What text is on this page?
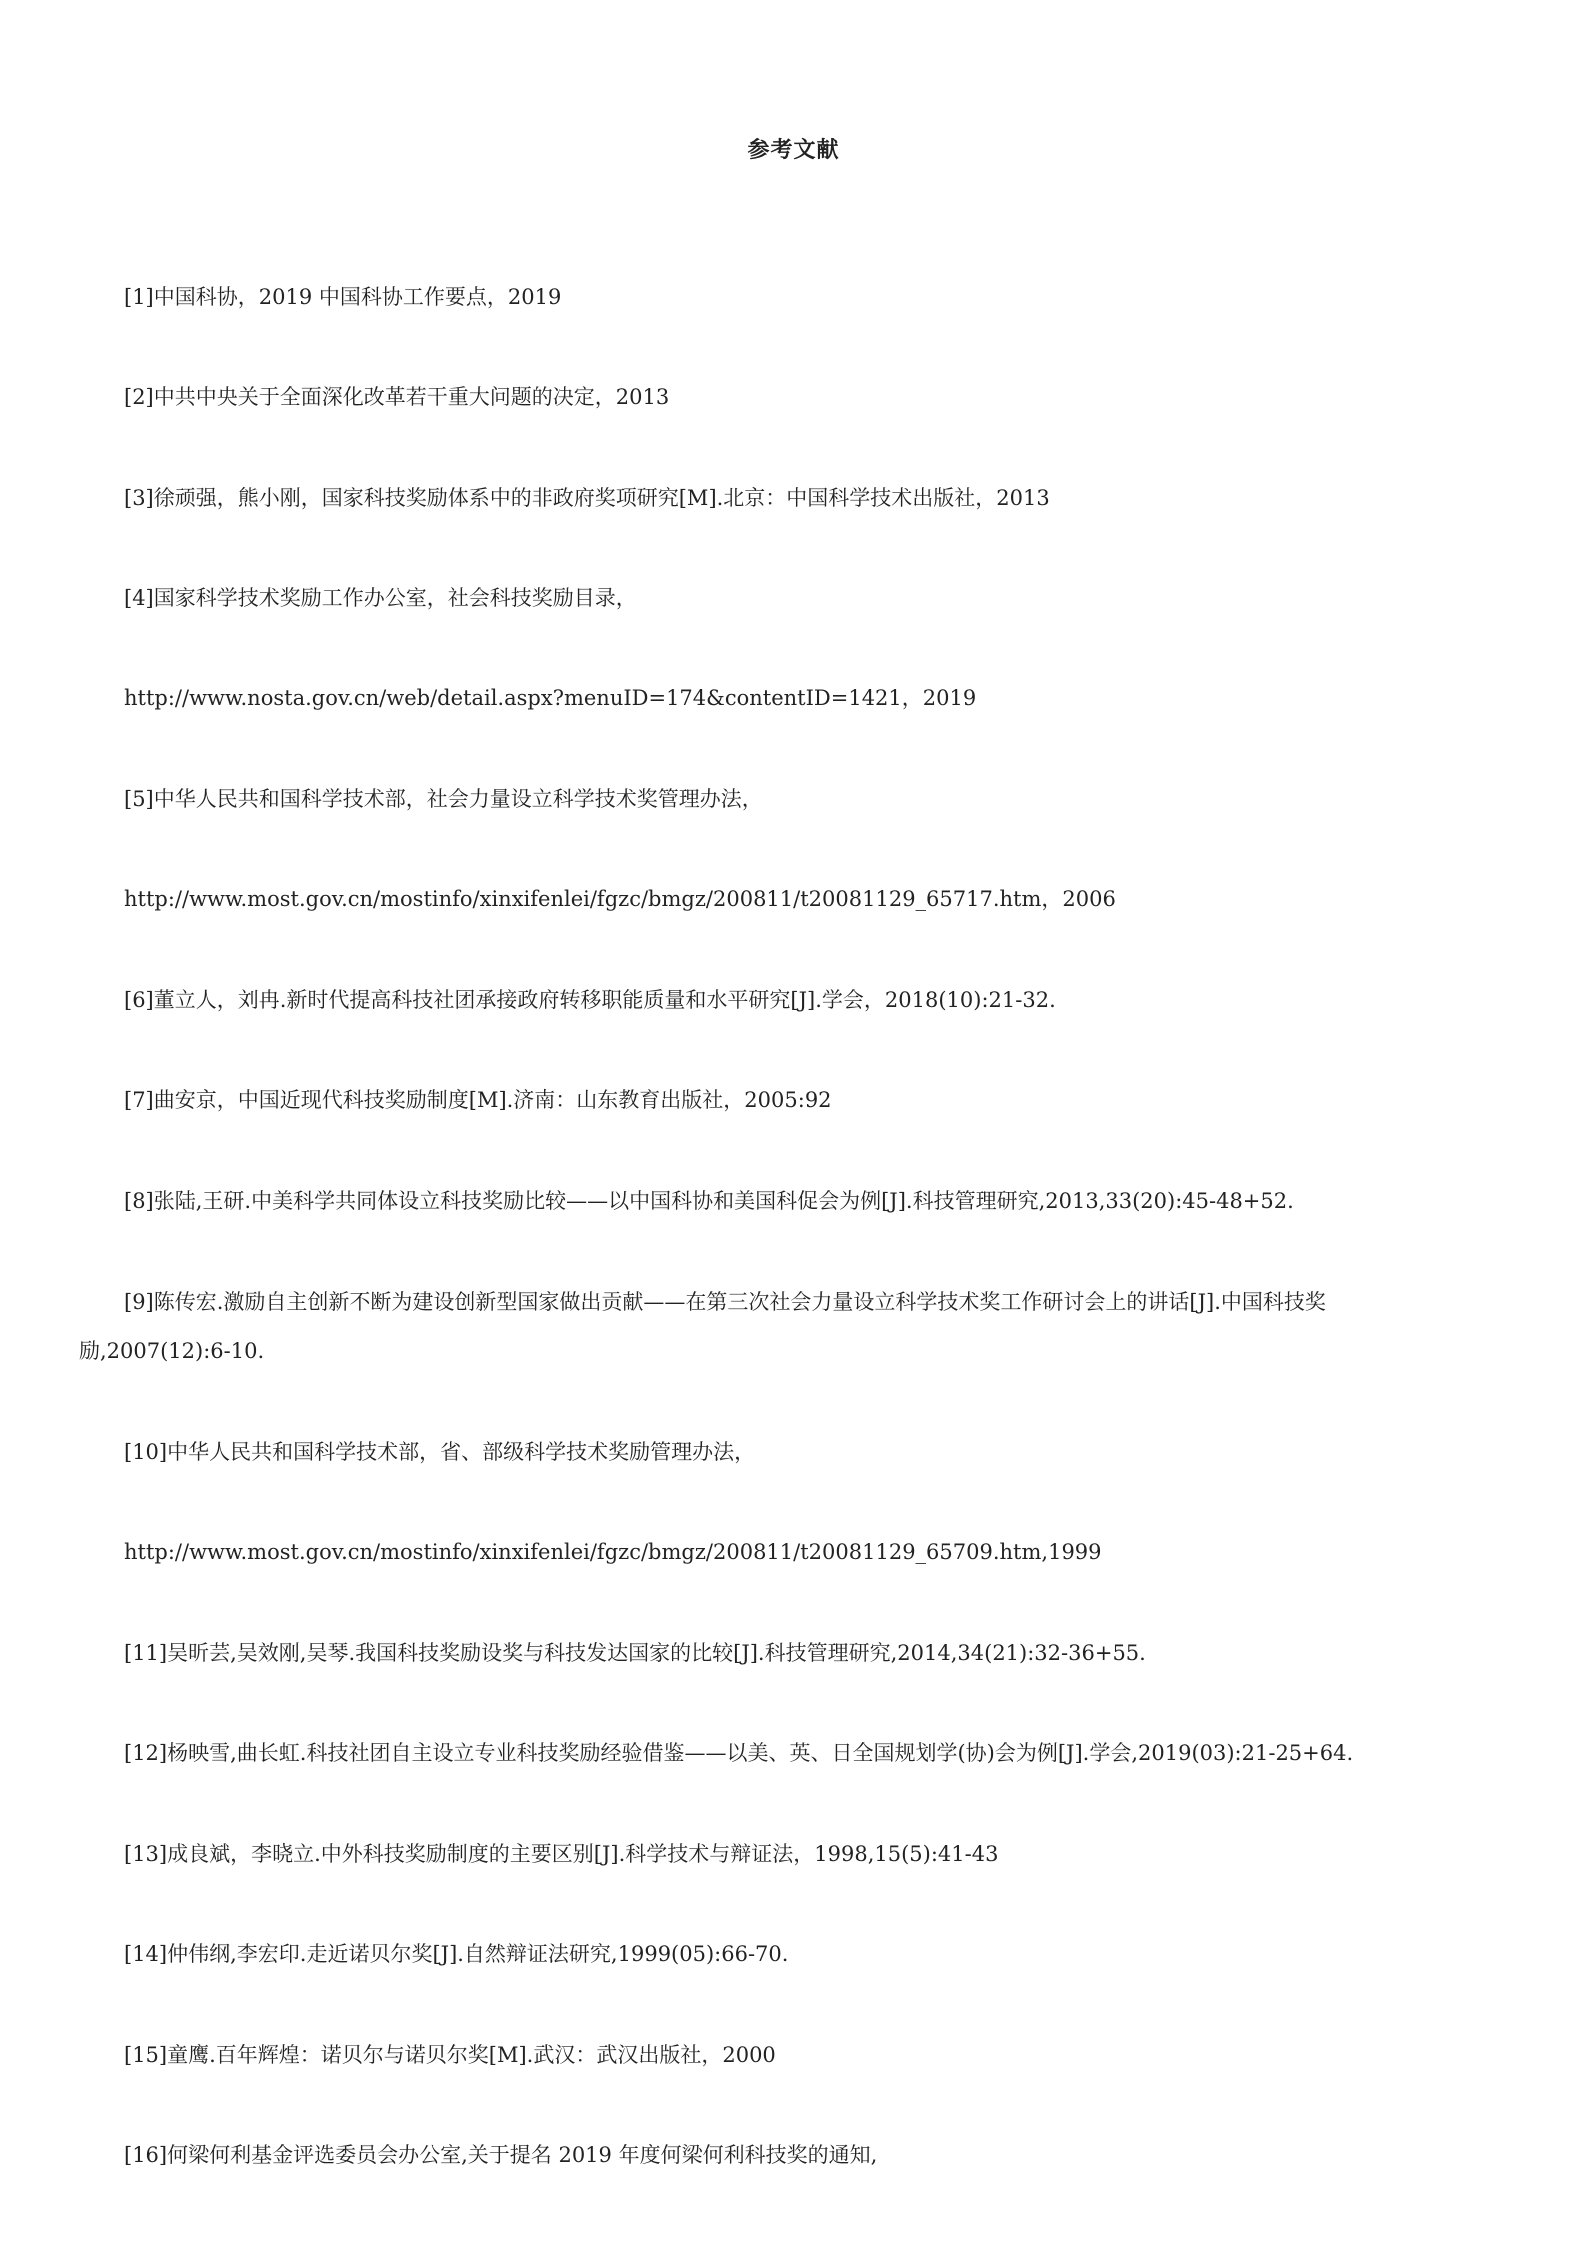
参考文献
[1]中国科协，2019 中国科协工作要点，2019
[2]中共中央关于全面深化改革若干重大问题的决定，2013
[3]徐顽强，熊小刚，国家科技奖励体系中的非政府奖项研究[M].北京：中国科学技术出版社，2013
[4]国家科学技术奖励工作办公室，社会科技奖励目录，
http://www.nosta.gov.cn/web/detail.aspx?menuID=174&contentID=1421，2019
[5]中华人民共和国科学技术部，社会力量设立科学技术奖管理办法，
http://www.most.gov.cn/mostinfo/xinxifenlei/fgzc/bmgz/200811/t20081129_65717.htm，2006
[6]董立人，刘冉.新时代提高科技社团承接政府转移职能质量和水平研究[J].学会，2018(10):21-32.
[7]曲安京，中国近现代科技奖励制度[M].济南：山东教育出版社，2005:92
[8]张陆,王研.中美科学共同体设立科技奖励比较——以中国科协和美国科促会为例[J].科技管理研究,2013,33(20):45-48+52.
[9]陈传宏.激励自主创新不断为建设创新型国家做出贡献——在第三次社会力量设立科学技术奖工作研讨会上的讲话[J].中国科技奖
励,2007(12):6-10.
[10]中华人民共和国科学技术部，省、部级科学技术奖励管理办法，
http://www.most.gov.cn/mostinfo/xinxifenlei/fgzc/bmgz/200811/t20081129_65709.htm,1999
[11]吴昕芸,吴效刚,吴琴.我国科技奖励设奖与科技发达国家的比较[J].科技管理研究,2014,34(21):32-36+55.
[12]杨映雪,曲长虹.科技社团自主设立专业科技奖励经验借鉴——以美、英、日全国规划学(协)会为例[J].学会,2019(03):21-25+64.
[13]成良斌，李晓立.中外科技奖励制度的主要区别[J].科学技术与辩证法，1998,15(5):41-43
[14]仲伟纲,李宏印.走近诺贝尔奖[J].自然辩证法研究,1999(05):66-70.
[15]童鹰.百年辉煌：诺贝尔与诺贝尔奖[M].武汉：武汉出版社，2000
[16]何梁何利基金评选委员会办公室,关于提名 2019 年度何梁何利科技奖的通知,
